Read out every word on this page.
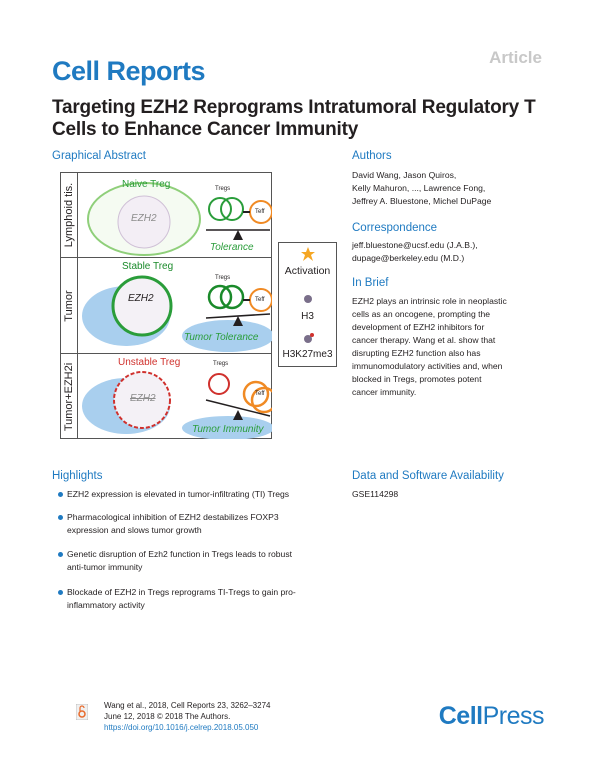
Article
Cell Reports
Targeting EZH2 Reprograms Intratumoral Regulatory T Cells to Enhance Cancer Immunity
Graphical Abstract
Lymphoid tis.	Naive Treg
EZH2
Tregs
Teff
Tolerance
Tumor
Stable Treg
EZH2
Tregs
Teff
Tumor Tolerance
Tumor+EZH2i	Unstable Treg
EZH2
Tregs
Teff
Tumor Immunity
Activation
H3
H3K27me3
Authors
David Wang, Jason Quiros,
Kelly Mahuron, ..., Lawrence Fong,
Jeffrey A. Bluestone, Michel DuPage
Correspondence
jeff.bluestone@ucsf.edu (J.A.B.),
dupage@berkeley.edu (M.D.)
In Brief
EZH2 plays an intrinsic role in neoplastic
cells as an oncogene, prompting the
development of EZH2 inhibitors for
cancer therapy. Wang et al. show that
disrupting EZH2 function also has
immunomodulatory activities and, when
blocked in Tregs, promotes potent
cancer immunity.
Highlights
EZH2 expression is elevated in tumor-infiltrating (TI) Tregs
Pharmacological inhibition of EZH2 destabilizes FOXP3
expression and slows tumor growth
Genetic disruption of Ezh2 function in Tregs leads to robust
anti-tumor immunity
Blockade of EZH2 in Tregs reprograms TI-Tregs to gain pro-
inflammatory activity
Data and Software Availability
GSE114298
Wang et al., 2018, Cell Reports 23, 3262–3274
June 12, 2018 © 2018 The Authors.
https://doi.org/10.1016/j.celrep.2018.05.050	CellPress
